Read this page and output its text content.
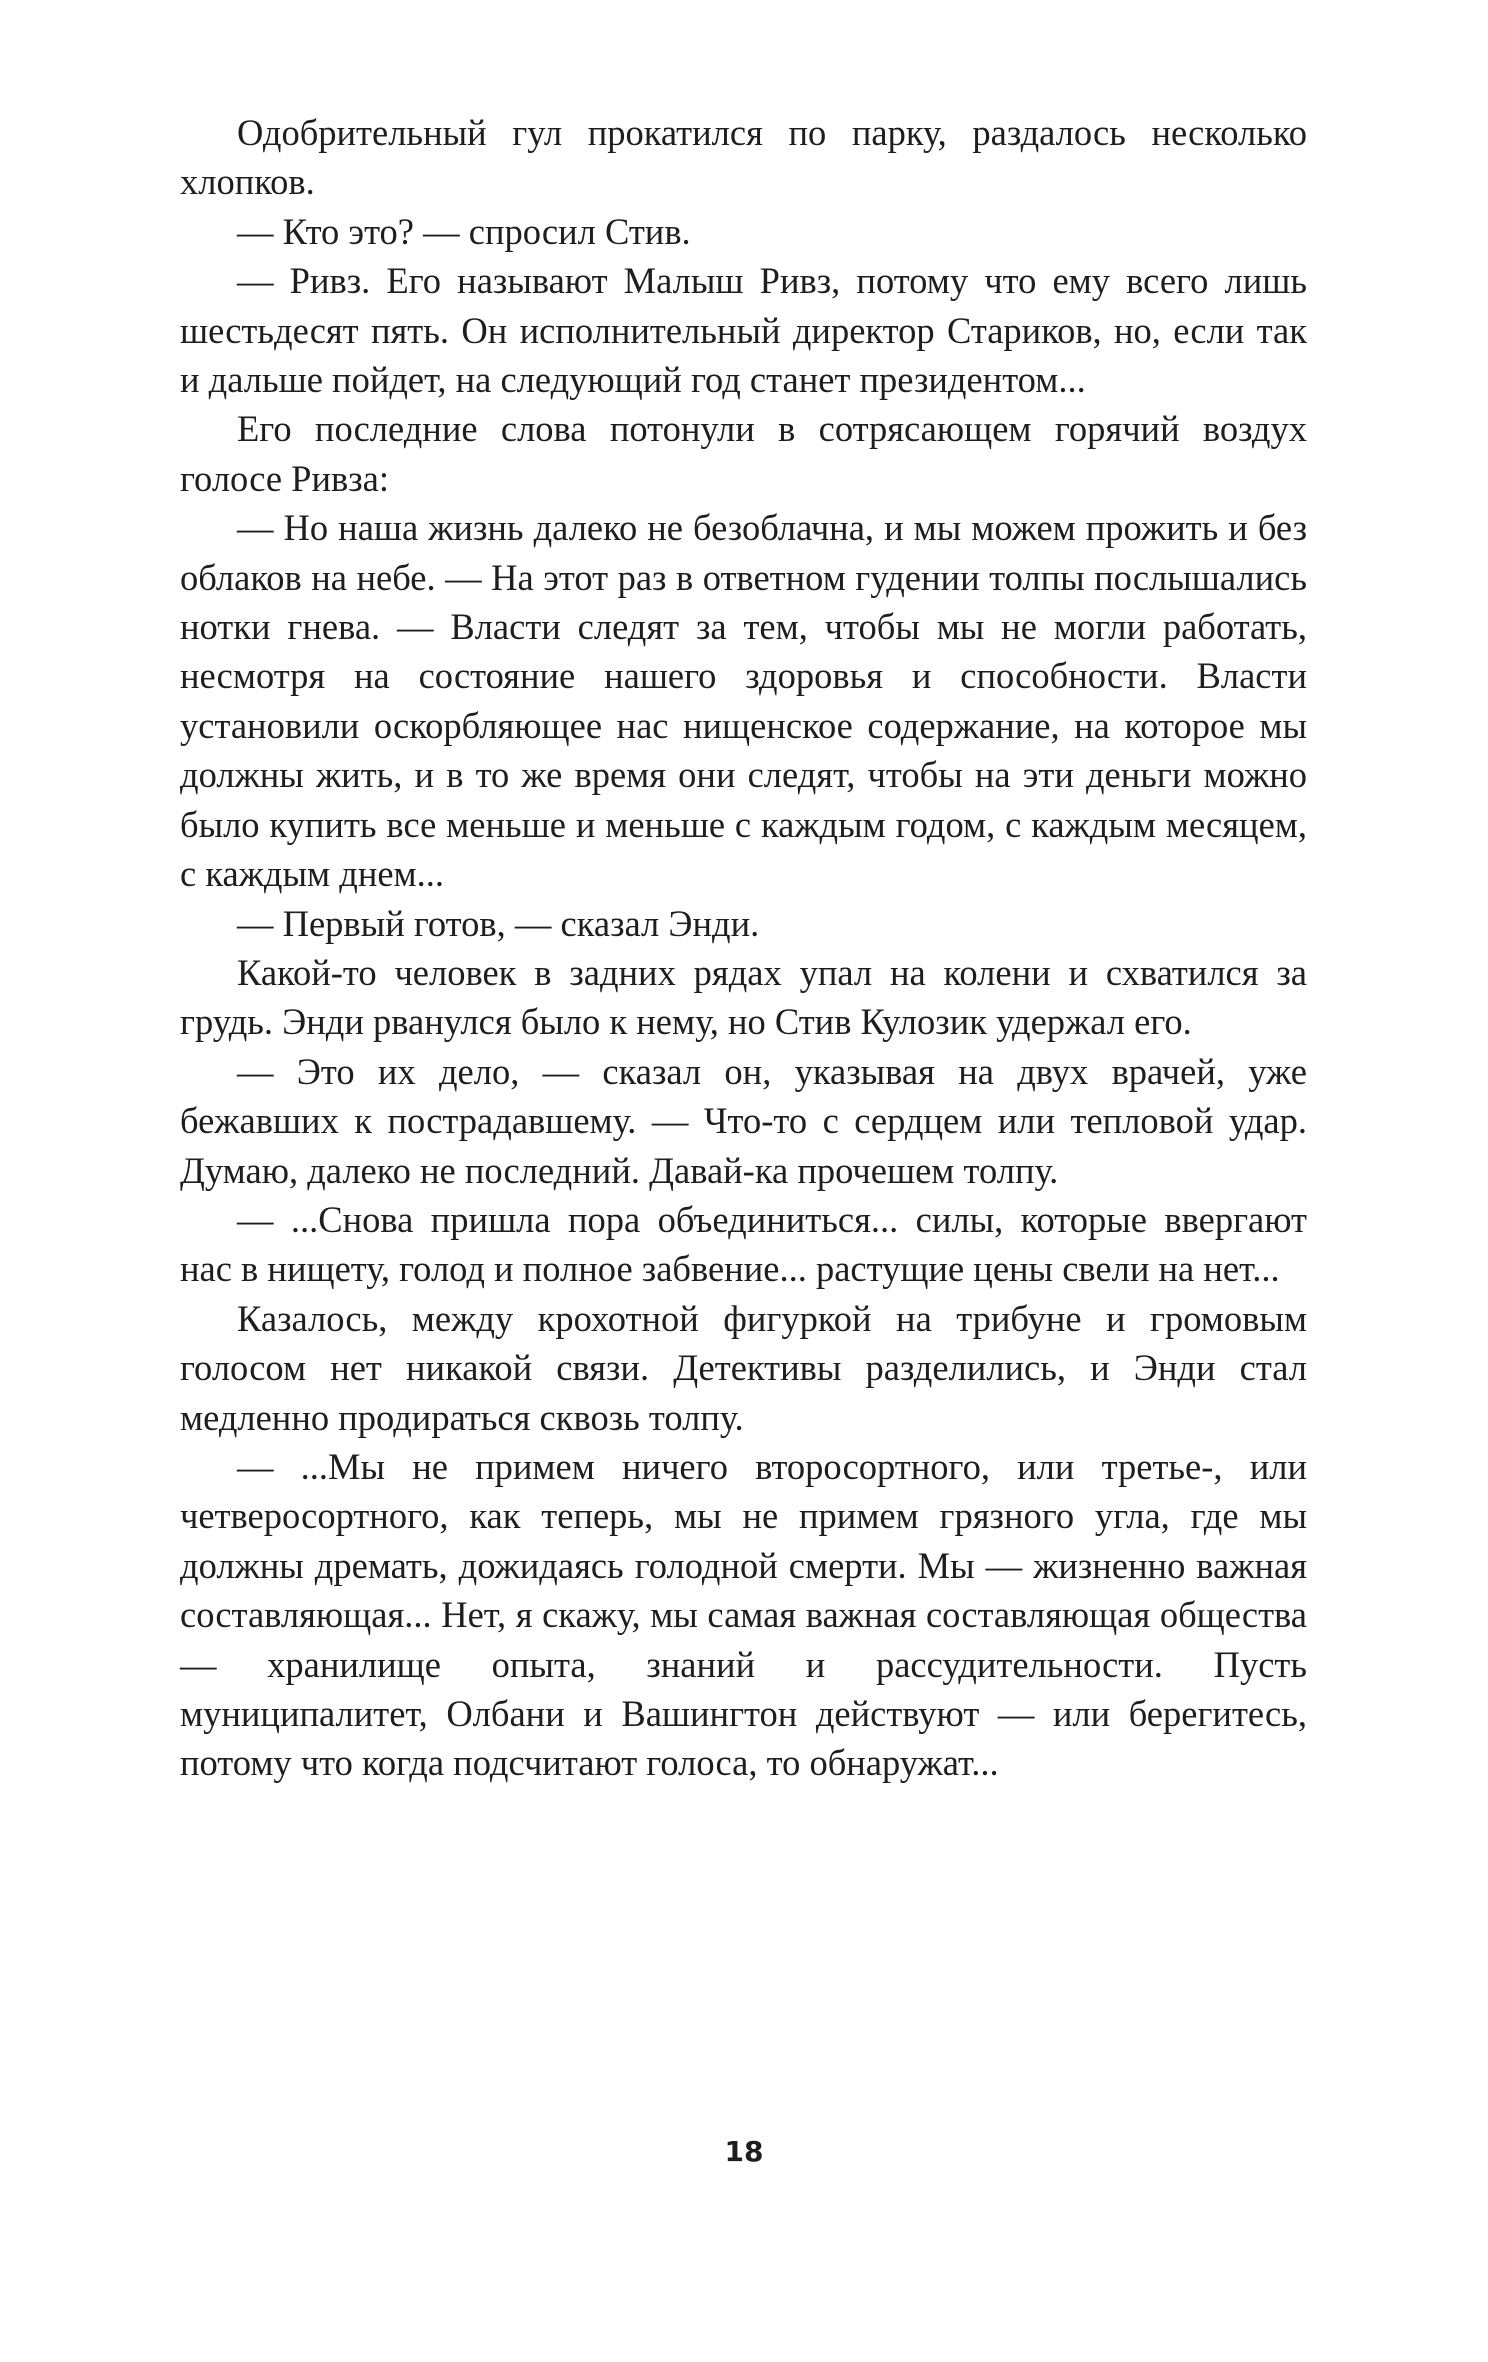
Одобрительный гул прокатился по парку, раздалось несколько хлопков.

— Кто это? — спросил Стив.

— Ривз. Его называют Малыш Ривз, потому что ему всего лишь шестьдесят пять. Он исполнительный директор Стариков, но, если так и дальше пойдет, на следующий год станет президентом...

Его последние слова потонули в сотрясающем горячий воздух голосе Ривза:

— Но наша жизнь далеко не безоблачна, и мы можем прожить и без облаков на небе. — На этот раз в ответном гудении толпы послышались нотки гнева. — Власти следят за тем, чтобы мы не могли работать, несмотря на состояние нашего здоровья и способности. Власти установили оскорбляющее нас нищенское содержание, на которое мы должны жить, и в то же время они следят, чтобы на эти деньги можно было купить все меньше и меньше с каждым годом, с каждым месяцем, с каждым днем...

— Первый готов, — сказал Энди.

Какой-то человек в задних рядах упал на колени и схватился за грудь. Энди рванулся было к нему, но Стив Кулозик удержал его.

— Это их дело, — сказал он, указывая на двух врачей, уже бежавших к пострадавшему. — Что-то с сердцем или тепловой удар. Думаю, далеко не последний. Давай-ка прочешем толпу.

— ...Снова пришла пора объединиться... силы, которые ввергают нас в нищету, голод и полное забвение... растущие цены свели на нет...

Казалось, между крохотной фигуркой на трибуне и громовым голосом нет никакой связи. Детективы разделились, и Энди стал медленно продираться сквозь толпу.

— ...Мы не примем ничего второсортного, или третье-, или четверосортного, как теперь, мы не примем грязного угла, где мы должны дремать, дожидаясь голодной смерти. Мы — жизненно важная составляющая... Нет, я скажу, мы самая важная составляющая общества — хранилище опыта, знаний и рассудительности. Пусть муниципалитет, Олбани и Вашингтон действуют — или берегитесь, потому что когда подсчитают голоса, то обнаружат...

18
